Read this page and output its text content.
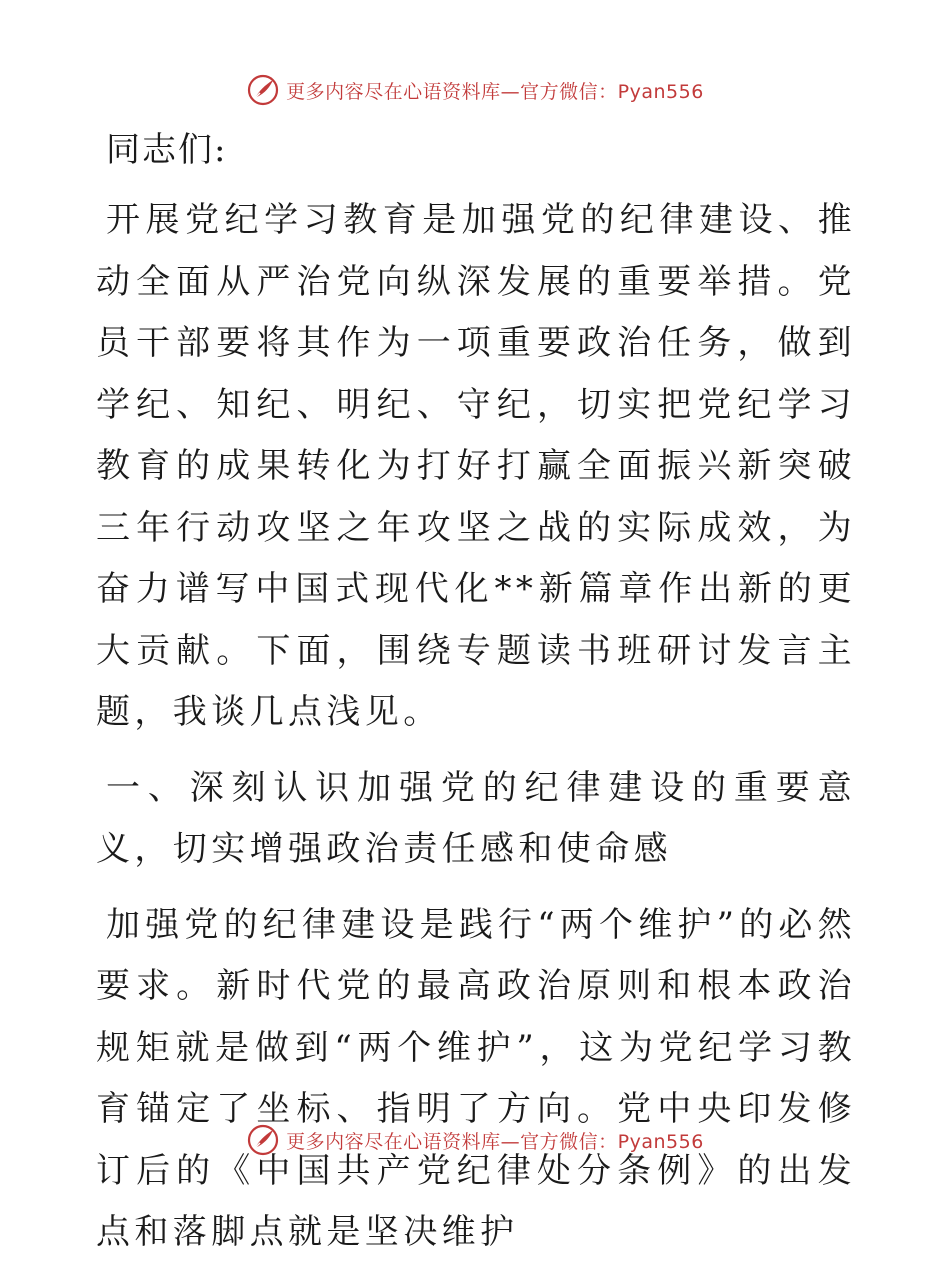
更多内容尽在心语资料库—官方微信：Pyan556
同志们:

开展党纪学习教育是加强党的纪律建设、推动全面从严治党向纵深发展的重要举措。党员干部要将其作为一项重要政治任务，做到学纪、知纪、明纪、守纪，切实把党纪学习教育的成果转化为打好打赢全面振兴新突破三年行动攻坚之年攻坚之战的实际成效，为奋力谱写中国式现代化**新篇章作出新的更大贡献。下面，围绕专题读书班研讨发言主题，我谈几点浅见。

一、深刻认识加强党的纪律建设的重要意义，切实增强政治责任感和使命感

加强党的纪律建设是践行“两个维护”的必然要求。新时代党的最高政治原则和根本政治规矩就是做到“两个维护”，这为党纪学习教育锚定了坐标、指明了方向。党中央印发修订后的《中国共产党纪律处分条例》的出发点和落脚点就是坚决维护

更多内容尽在心语资料库—官方微信：Pyan556
